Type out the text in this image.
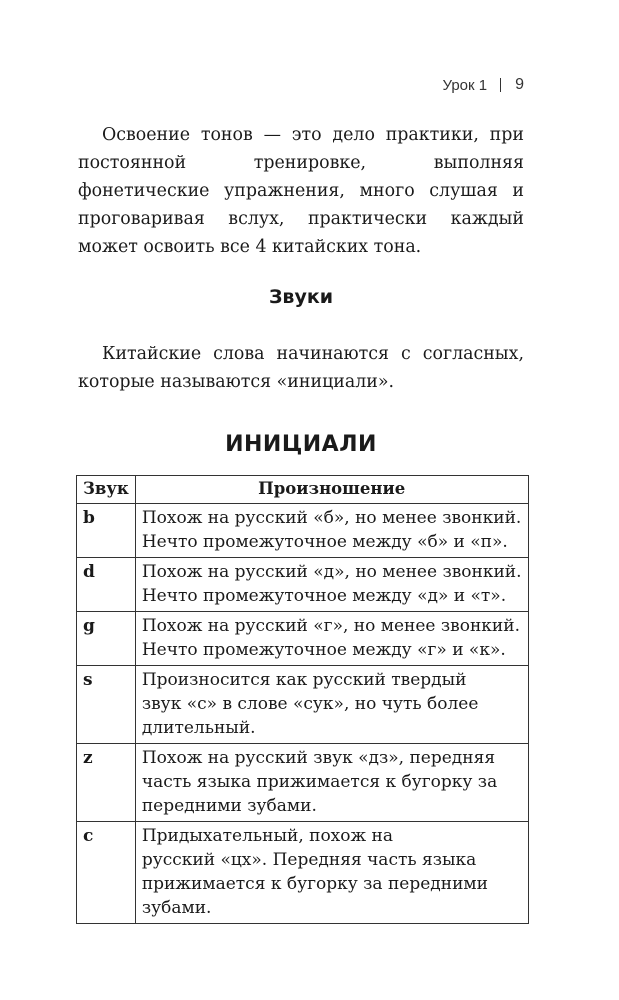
Урок 1 9

Освоение тонов — это дело практики, при постоянной тренировке, выполняя фонетические упражнения, много слушая и проговаривая вслух, практически каждый может освоить все 4 китайских тона.

Звуки

Китайские слова начинаются с согласных, которые называются «инициали».

ИНИЦИАЛИ
Звук	Произношение
b	Похож на русский «б», но менее звонкий.
Нечто промежуточное между «б» и «п».

d	Похож на русский «д», но менее звонкий.
Нечто промежуточное между «д» и «т».

g	Похож на русский «г», но менее звонкий.
Нечто промежуточное между «г» и «к».

s	Произносится как русский твердый
звук «с» в слове «сук», но чуть более
длительный.

z	Похож на русский звук «дз», передняя
часть языка прижимается к бугорку за
передними зубами.

c	Придыхательный, похож на
русский «цх». Передняя часть языка
прижимается к бугорку за передними
зубами.
